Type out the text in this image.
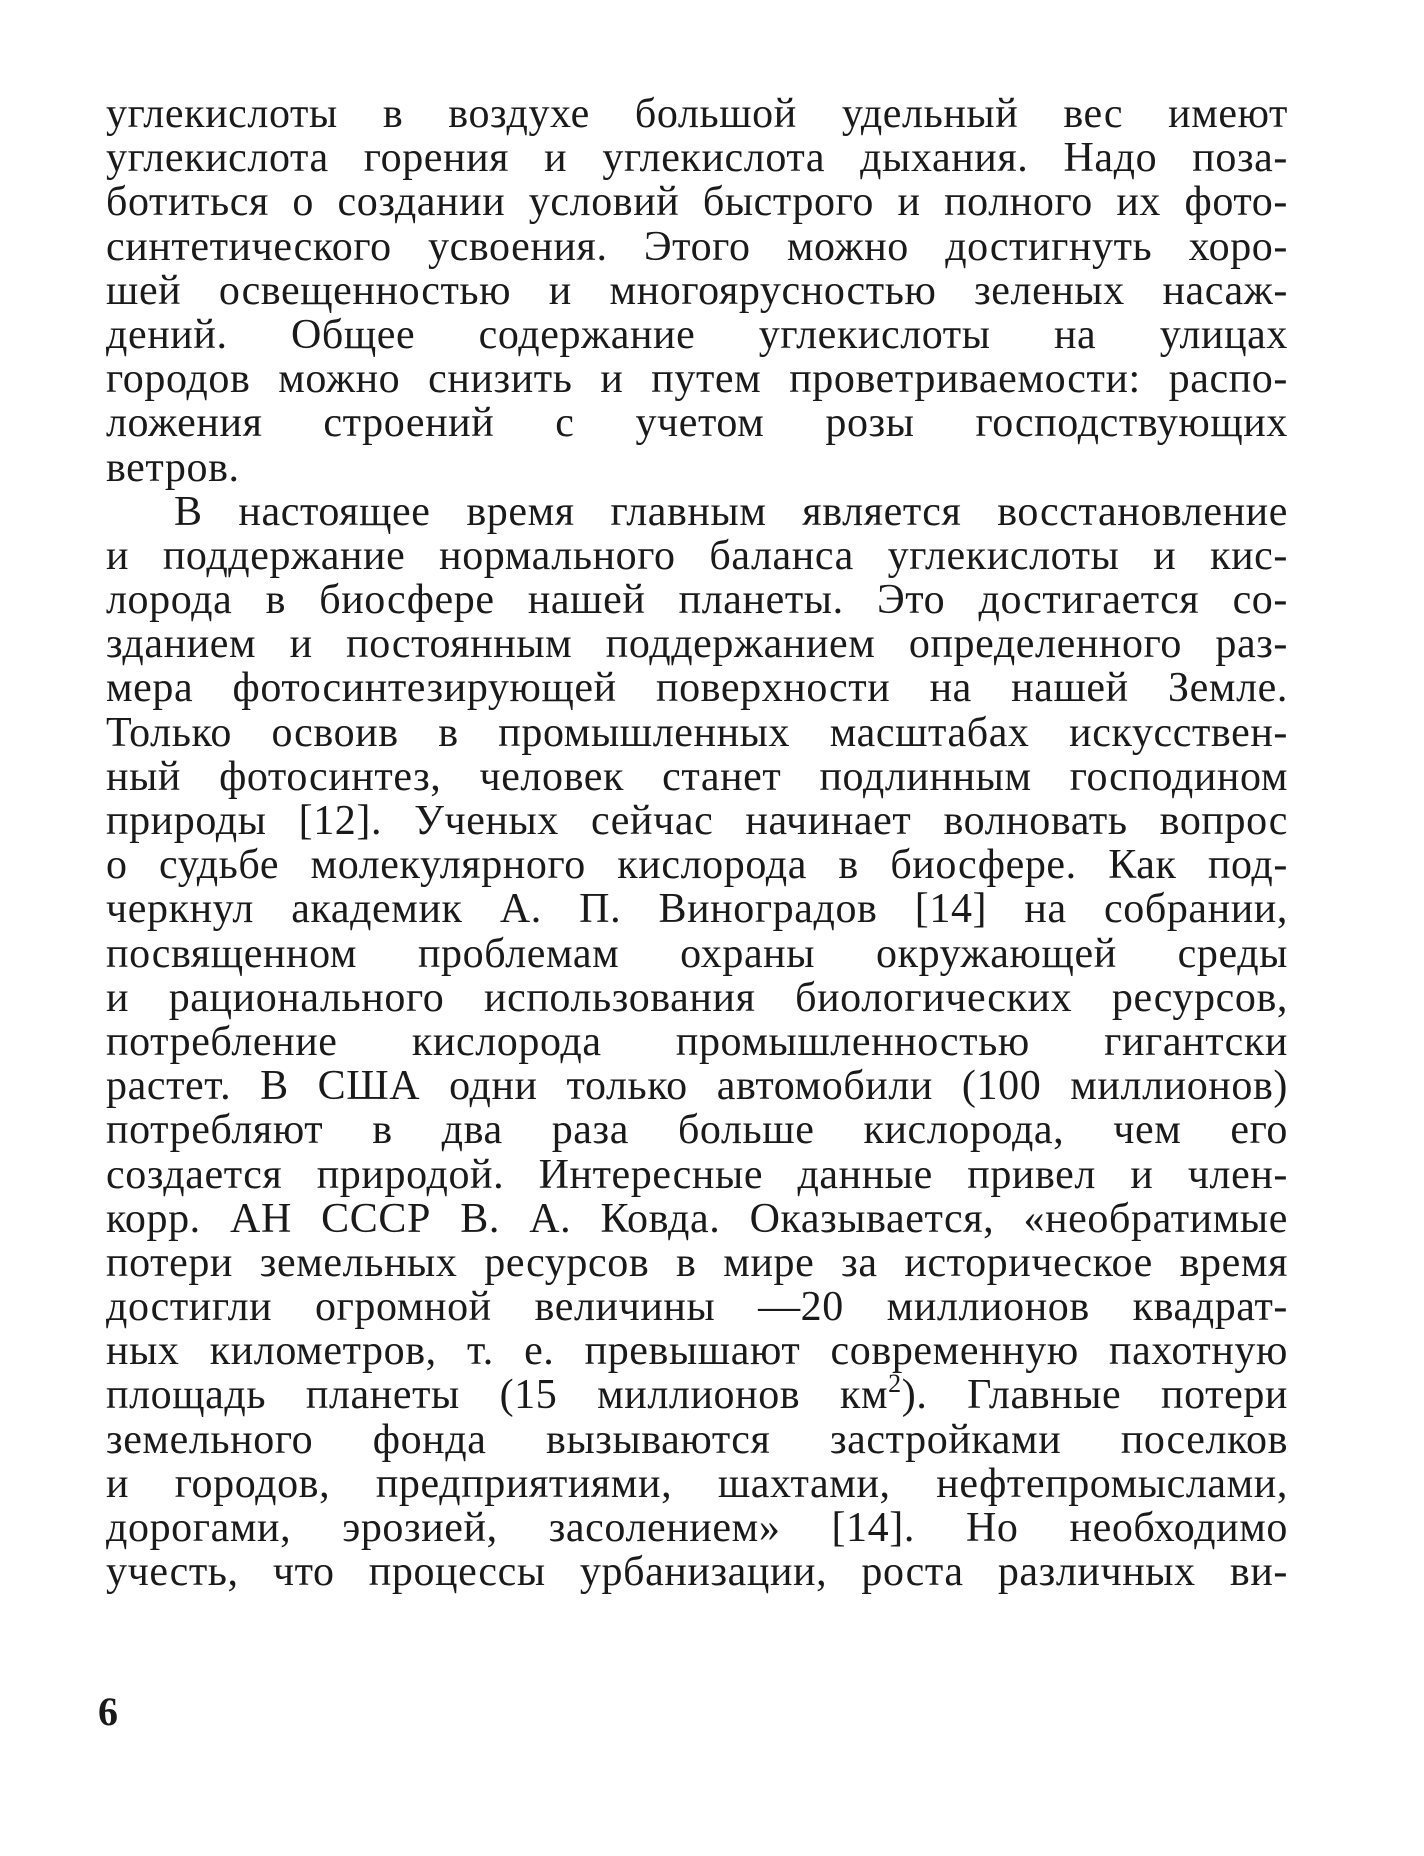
углекислоты в воздухе большой удельный вес имеют
углекислота горения и углекислота дыхания. Надо поза-
ботиться о создании условий быстрого и полного их фото-
синтетического усвоения. Этого можно достигнуть хоро-
шей освещенностью и многоярусностью зеленых насаж-
дений. Общее содержание углекислоты на улицах
городов можно снизить и путем проветриваемости: распо-
ложения строений с учетом розы господствующих
ветров.
В настоящее время главным является восстановление
и поддержание нормального баланса углекислоты и кис-
лорода в биосфере нашей планеты. Это достигается со-
зданием и постоянным поддержанием определенного раз-
мера фотосинтезирующей поверхности на нашей Земле.
Только освоив в промышленных масштабах искусствен-
ный фотосинтез, человек станет подлинным господином
природы [12]. Ученых сейчас начинает волновать вопрос
о судьбе молекулярного кислорода в биосфере. Как под-
черкнул академик А. П. Виноградов [14] на собрании,
посвященном проблемам охраны окружающей среды
и рационального использования биологических ресурсов,
потребление кислорода промышленностью гигантски
растет. В США одни только автомобили (100 миллионов)
потребляют в два раза больше кислорода, чем его
создается природой. Интересные данные привел и член-
корр. АН СССР В. А. Ковда. Оказывается, «необратимые
потери земельных ресурсов в мире за историческое время
достигли огромной величины —20 миллионов квадрат-
ных километров, т. е. превышают современную пахотную
площадь планеты (15 миллионов $км^2$). Главные потери
земельного фонда вызываются застройками поселков
и городов, предприятиями, шахтами, нефтепромыслами,
дорогами, эрозией, засолением» [14]. Но необходимо
учесть, что процессы урбанизации, роста различных ви-
6
